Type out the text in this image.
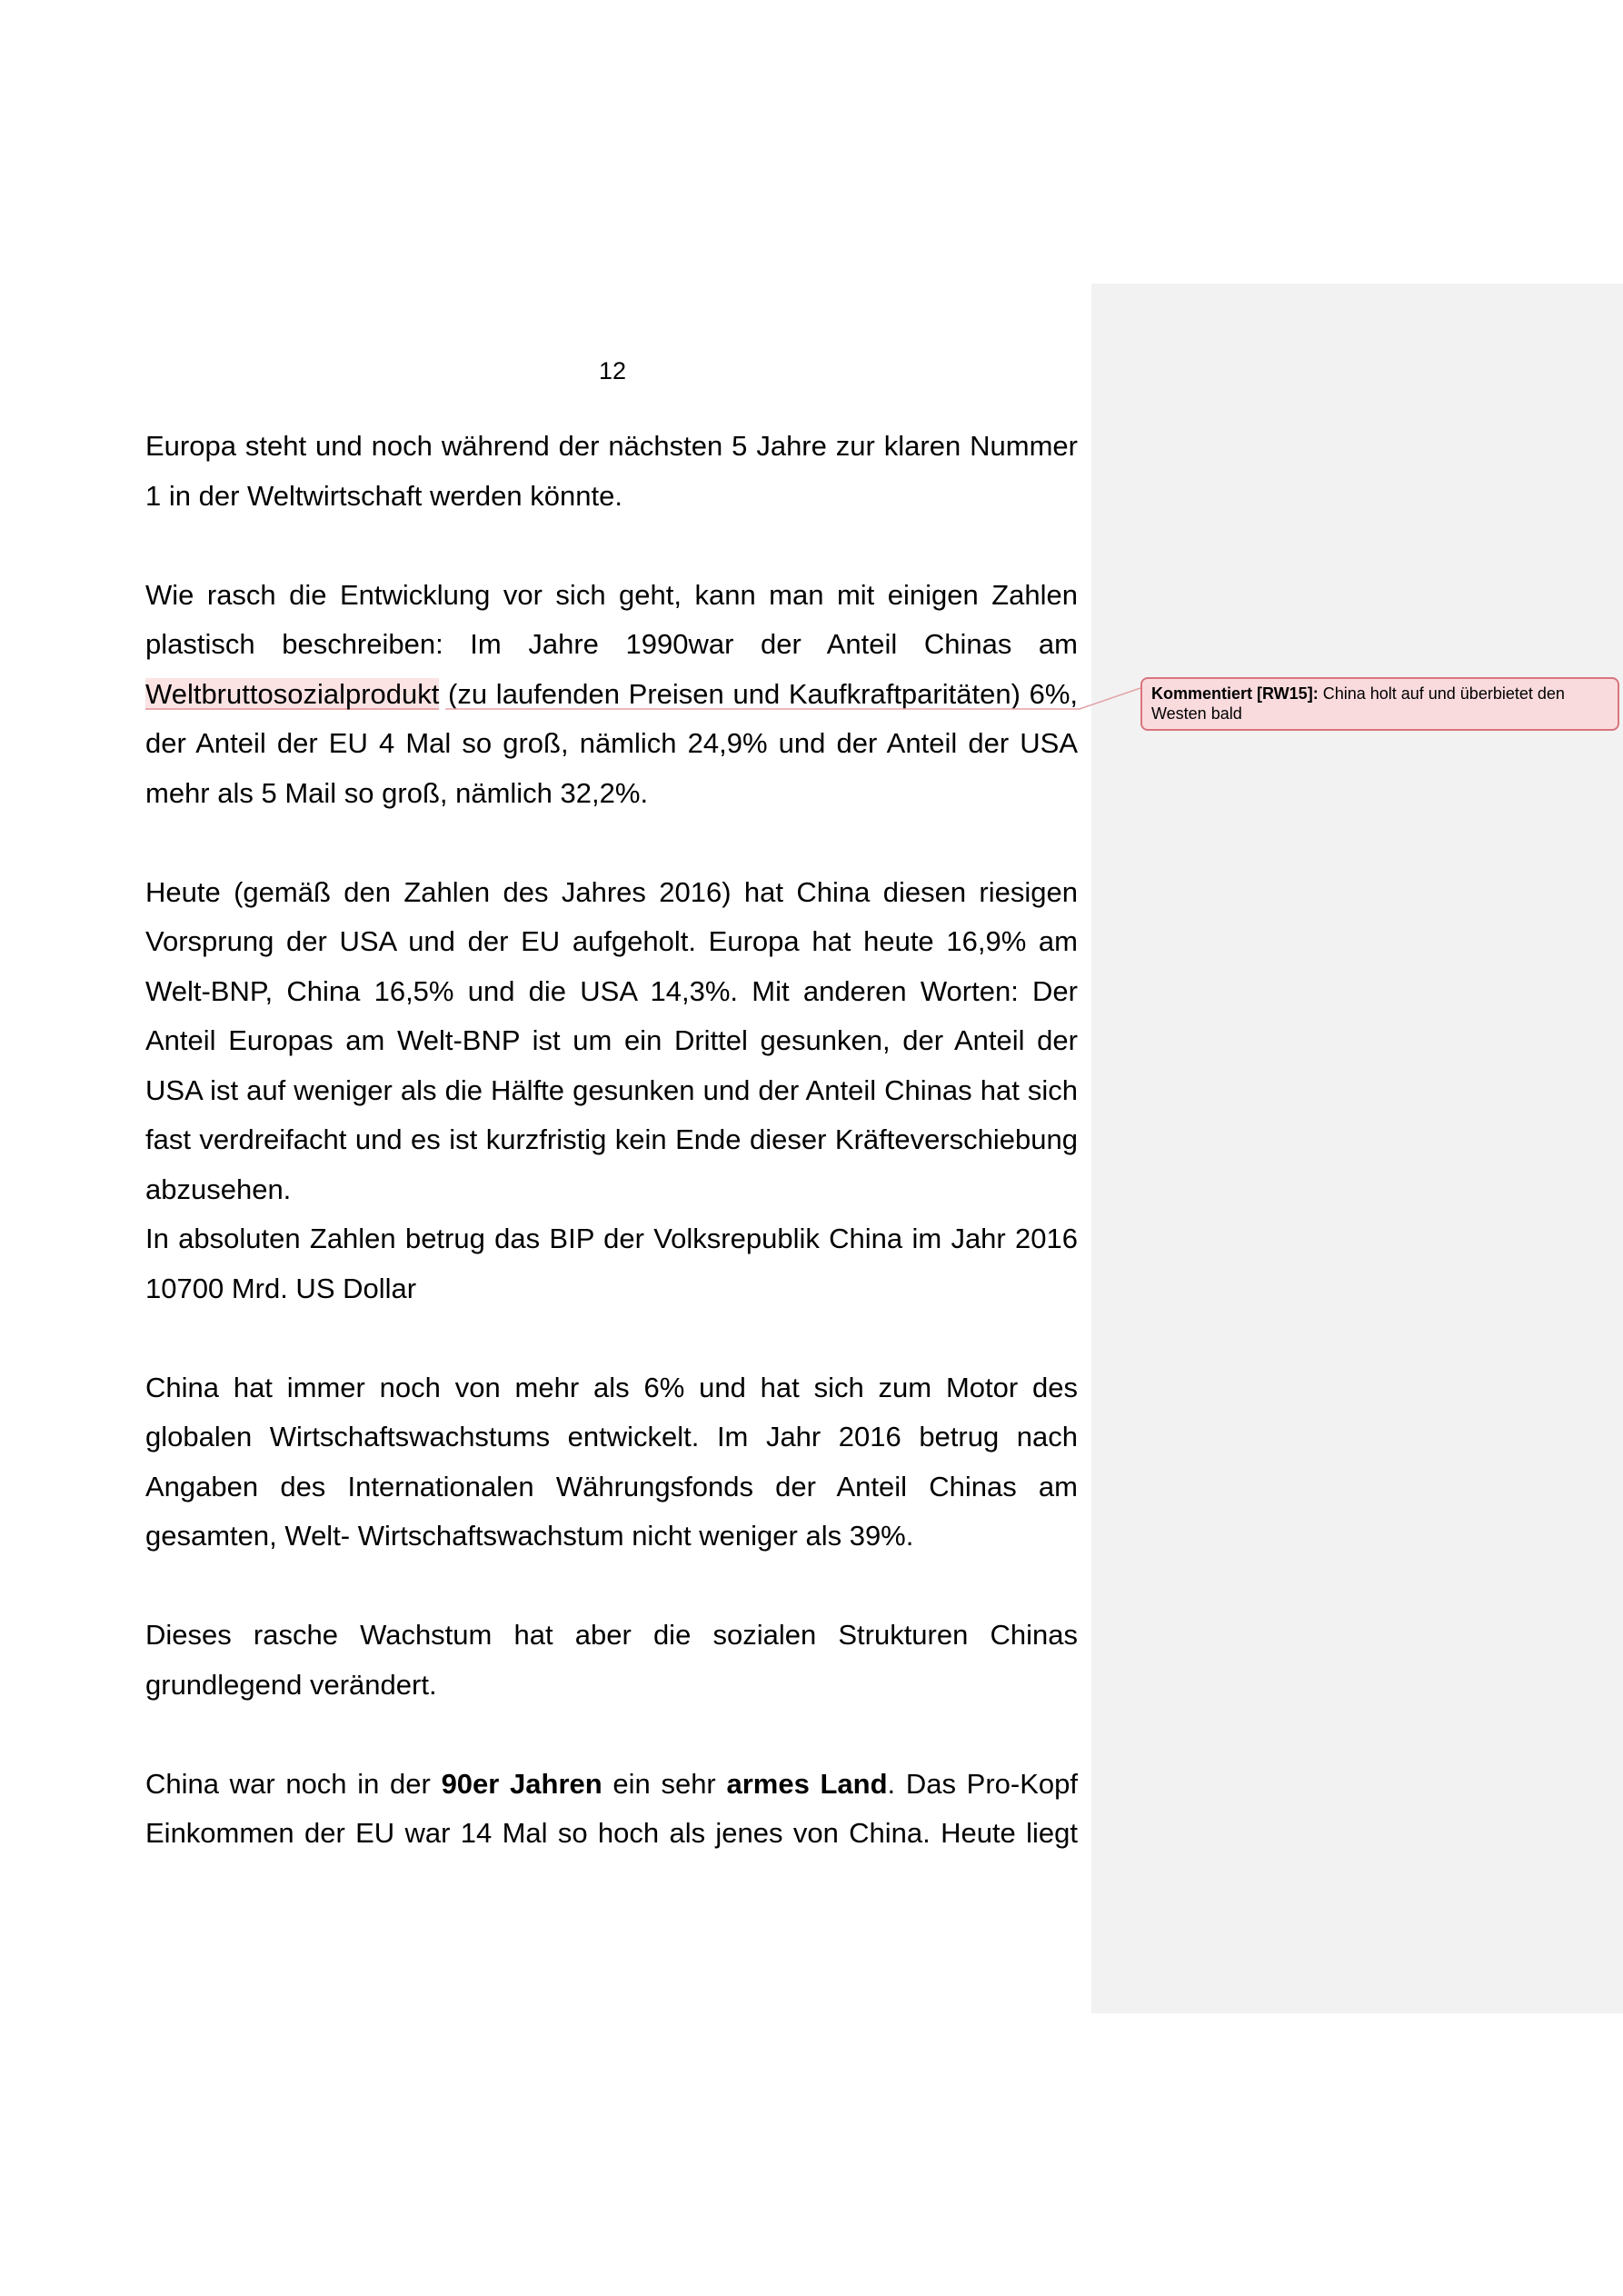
12

Europa steht und noch während der nächsten 5 Jahre zur klaren Nummer 1 in der Weltwirtschaft werden könnte.

Wie rasch die Entwicklung vor sich geht, kann man mit einigen Zahlen plastisch beschreiben: Im Jahre 1990war der Anteil Chinas am Weltbruttosozialprodukt (zu laufenden Preisen und Kaufkraftparitäten) 6%, der Anteil der EU 4 Mal so groß, nämlich 24,9% und der Anteil der USA mehr als 5 Mail so groß, nämlich 32,2%.

Heute (gemäß den Zahlen des Jahres 2016) hat China diesen riesigen Vorsprung der USA und der EU aufgeholt. Europa hat heute 16,9% am Welt-BNP, China 16,5% und die USA 14,3%. Mit anderen Worten: Der Anteil Europas am Welt-BNP ist um ein Drittel gesunken, der Anteil der USA ist auf weniger als die Hälfte gesunken und der Anteil Chinas hat sich fast verdreifacht und es ist kurzfristig kein Ende dieser Kräfteverschiebung abzusehen.

In absoluten Zahlen betrug das BIP der Volksrepublik China im Jahr 2016 10700 Mrd. US Dollar

China hat immer noch von mehr als 6% und hat sich zum Motor des globalen Wirtschaftswachstums entwickelt. Im Jahr 2016 betrug nach Angaben des Internationalen Währungsfonds der Anteil Chinas am gesamten, Welt- Wirtschaftswachstum nicht weniger als 39%.

Dieses rasche Wachstum hat aber die sozialen Strukturen Chinas grundlegend verändert.

China war noch in der 90er Jahren ein sehr armes Land. Das Pro-Kopf Einkommen der EU war 14 Mal so hoch als jenes von China. Heute liegt

Kommentiert [RW15]: China holt auf und überbietet den Westen bald
